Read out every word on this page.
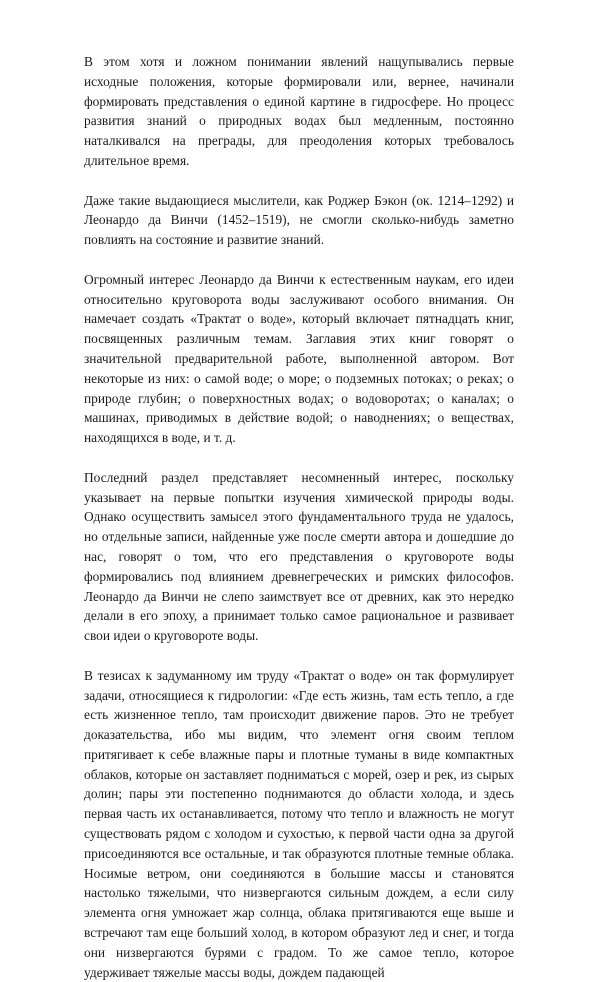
В этом хотя и ложном понимании явлений нащупывались первые исходные положения, которые формировали или, вернее, начинали формировать представления о единой картине в гидросфере. Но процесс развития знаний о природных водах был медленным, постоянно наталкивался на преграды, для преодоления которых требовалось длительное время.

Даже такие выдающиеся мыслители, как Роджер Бэкон (ок. 1214–1292) и Леонардо да Винчи (1452–1519), не смогли сколько-нибудь заметно повлиять на состояние и развитие знаний.

Огромный интерес Леонардо да Винчи к естественным наукам, его идеи относительно круговорота воды заслуживают особого внимания. Он намечает создать «Трактат о воде», который включает пятнадцать книг, посвященных различным темам. Заглавия этих книг говорят о значительной предварительной работе, выполненной автором. Вот некоторые из них: о самой воде; о море; о подземных потоках; о реках; о природе глубин; о поверхностных водах; о водоворотах; о каналах; о машинах, приводимых в действие водой; о наводнениях; о веществах, находящихся в воде, и т. д.

Последний раздел представляет несомненный интерес, поскольку указывает на первые попытки изучения химической природы воды. Однако осуществить замысел этого фундаментального труда не удалось, но отдельные записи, найденные уже после смерти автора и дошедшие до нас, говорят о том, что его представления о круговороте воды формировались под влиянием древнегреческих и римских философов. Леонардо да Винчи не слепо заимствует все от древних, как это нередко делали в его эпоху, а принимает только самое рациональное и развивает свои идеи о круговороте воды.

В тезисах к задуманному им труду «Трактат о воде» он так формулирует задачи, относящиеся к гидрологии: «Где есть жизнь, там есть тепло, а где есть жизненное тепло, там происходит движение паров. Это не требует доказательства, ибо мы видим, что элемент огня своим теплом притягивает к себе влажные пары и плотные туманы в виде компактных облаков, которые он заставляет подниматься с морей, озер и рек, из сырых долин; пары эти постепенно поднимаются до области холода, и здесь первая часть их останавливается, потому что тепло и влажность не могут существовать рядом с холодом и сухостью, к первой части одна за другой присоединяются все остальные, и так образуются плотные темные облака. Носимые ветром, они соединяются в большие массы и становятся настолько тяжелыми, что низвергаются сильным дождем, а если силу элемента огня умножает жар солнца, облака притягиваются еще выше и встречают там еще больший холод, в котором образуют лед и снег, и тогда они низвергаются бурями с градом. То же самое тепло, которое удерживает тяжелые массы воды, дождем падающей
